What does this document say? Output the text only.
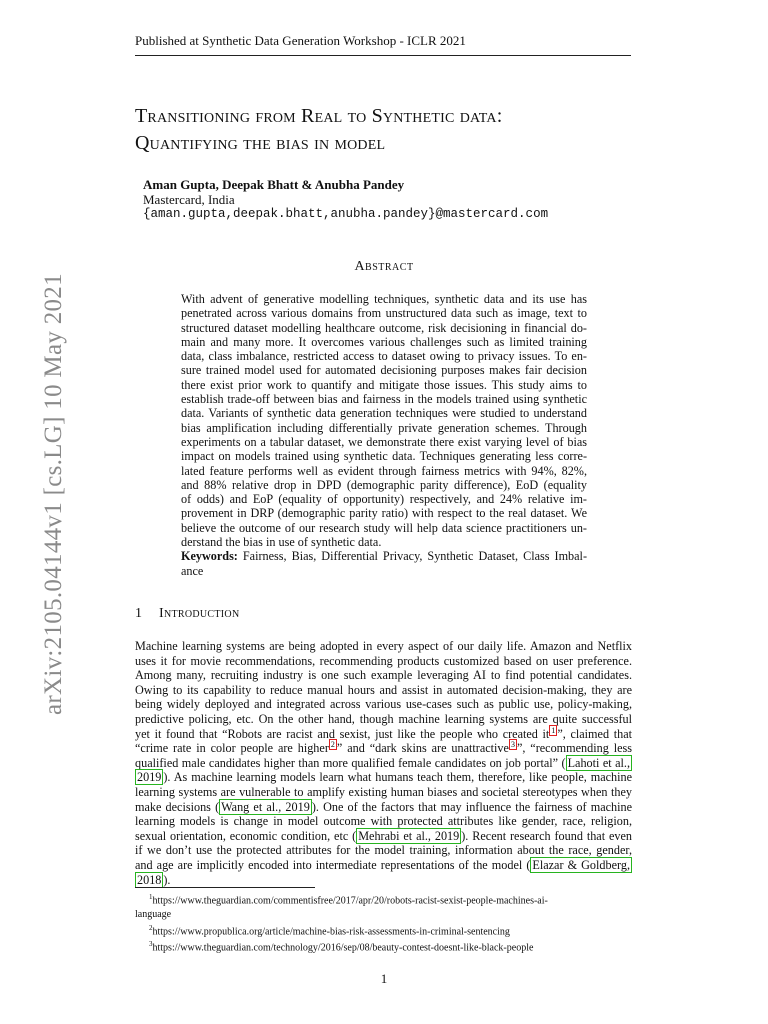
Published at Synthetic Data Generation Workshop - ICLR 2021
arXiv:2105.04144v1 [cs.LG] 10 May 2021
Transitioning from Real to Synthetic data:
Quantifying the bias in model
Aman Gupta, Deepak Bhatt & Anubha Pandey
Mastercard, India
{aman.gupta,deepak.bhatt,anubha.pandey}@mastercard.com
Abstract
With advent of generative modelling techniques, synthetic data and its use has
penetrated across various domains from unstructured data such as image, text to
structured dataset modelling healthcare outcome, risk decisioning in financial do-
main and many more. It overcomes various challenges such as limited training
data, class imbalance, restricted access to dataset owing to privacy issues. To en-
sure trained model used for automated decisioning purposes makes fair decision
there exist prior work to quantify and mitigate those issues. This study aims to
establish trade-off between bias and fairness in the models trained using synthetic
data. Variants of synthetic data generation techniques were studied to understand
bias amplification including differentially private generation schemes. Through
experiments on a tabular dataset, we demonstrate there exist varying level of bias
impact on models trained using synthetic data. Techniques generating less corre-
lated feature performs well as evident through fairness metrics with 94%, 82%,
and 88% relative drop in DPD (demographic parity difference), EoD (equality
of odds) and EoP (equality of opportunity) respectively, and 24% relative im-
provement in DRP (demographic parity ratio) with respect to the real dataset. We
believe the outcome of our research study will help data science practitioners un-
derstand the bias in use of synthetic data.
Keywords: Fairness, Bias, Differential Privacy, Synthetic Dataset, Class Imbal-
ance
1 Introduction
Machine learning systems are being adopted in every aspect of our daily life. Amazon and Netflix
uses it for movie recommendations, recommending products customized based on user preference.
Among many, recruiting industry is one such example leveraging AI to find potential candidates.
Owing to its capability to reduce manual hours and assist in automated decision-making, they are
being widely deployed and integrated across various use-cases such as public use, policy-making,
predictive policing, etc. On the other hand, though machine learning systems are quite successful
yet it found that “Robots are racist and sexist, just like the people who created it $^1$ ”, claimed that
“crime rate in color people are higher $^2$ ” and “dark skins are unattractive $^3$ ”, “recommending less
qualified male candidates higher than more qualified female candidates on job portal” ( Lahoti et al.,
2019 ). As machine learning models learn what humans teach them, therefore, like people, machine
learning systems are vulnerable to amplify existing human biases and societal stereotypes when they
make decisions ( Wang et al., 2019 ). One of the factors that may influence the fairness of machine
learning models is change in model outcome with protected attributes like gender, race, religion,
sexual orientation, economic condition, etc ( Mehrabi et al., 2019 ). Recent research found that even
if we don’t use the protected attributes for the model training, information about the race, gender,
and age are implicitly encoded into intermediate representations of the model ( Elazar & Goldberg,
2018 ).
$^1$https://www.theguardian.com/commentisfree/2017/apr/20/robots-racist-sexist-people-machines-ai-
language
$^2$https://www.propublica.org/article/machine-bias-risk-assessments-in-criminal-sentencing
$^3$https://www.theguardian.com/technology/2016/sep/08/beauty-contest-doesnt-like-black-people
1
